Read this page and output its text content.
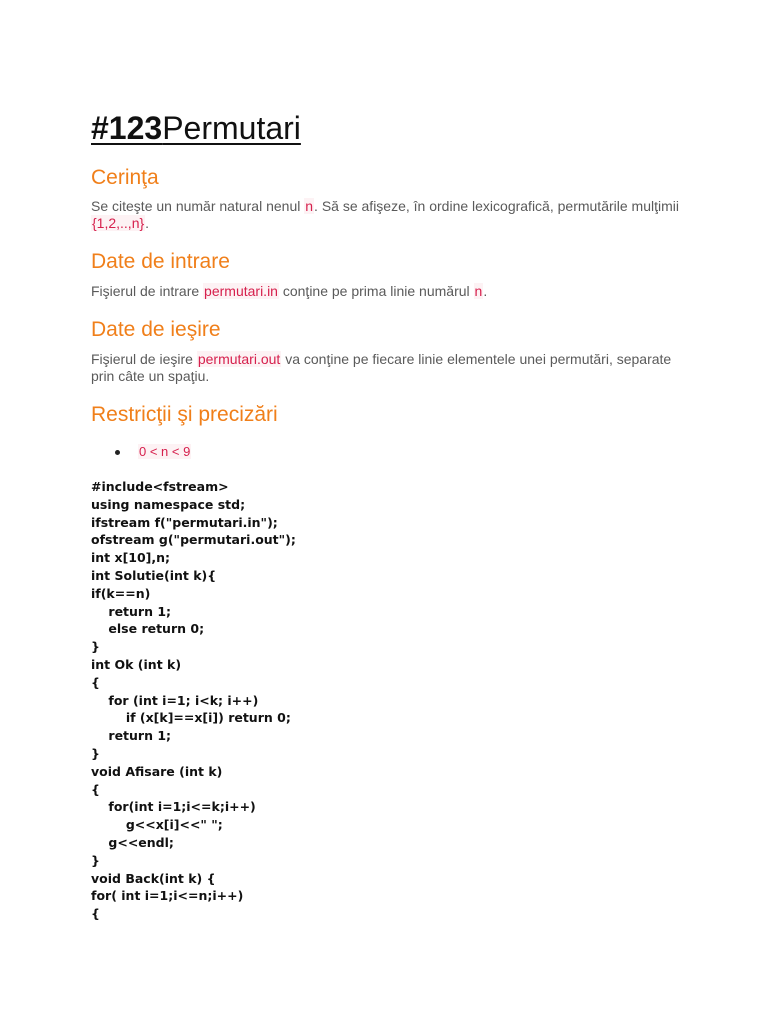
#123Permutari
Cerinţa

Se citeşte un număr natural nenul n. Să se afişeze, în ordine lexicografică, permutările mulţimii {1,2,..,n}.

Date de intrare

Fişierul de intrare permutari.in conţine pe prima linie numărul n.

Date de ieşire

Fişierul de ieşire permutari.out va conţine pe fiecare linie elementele unei permutări, separate prin câte un spaţiu.

Restricţii şi precizări
0 < n < 9
#include<fstream>
using namespace std;
ifstream f("permutari.in");
ofstream g("permutari.out");
int x[10],n;
int Solutie(int k){
if(k==n)
return 1;
else return 0;
}
int Ok (int k)
{
for (int i=1; i<k; i++)
if (x[k]==x[i]) return 0;
return 1;
}
void Afisare (int k)
{
for(int i=1;i<=k;i++)
g<<x[i]<<" ";
g<<endl;
}
void Back(int k) {
for( int i=1;i<=n;i++)
{
